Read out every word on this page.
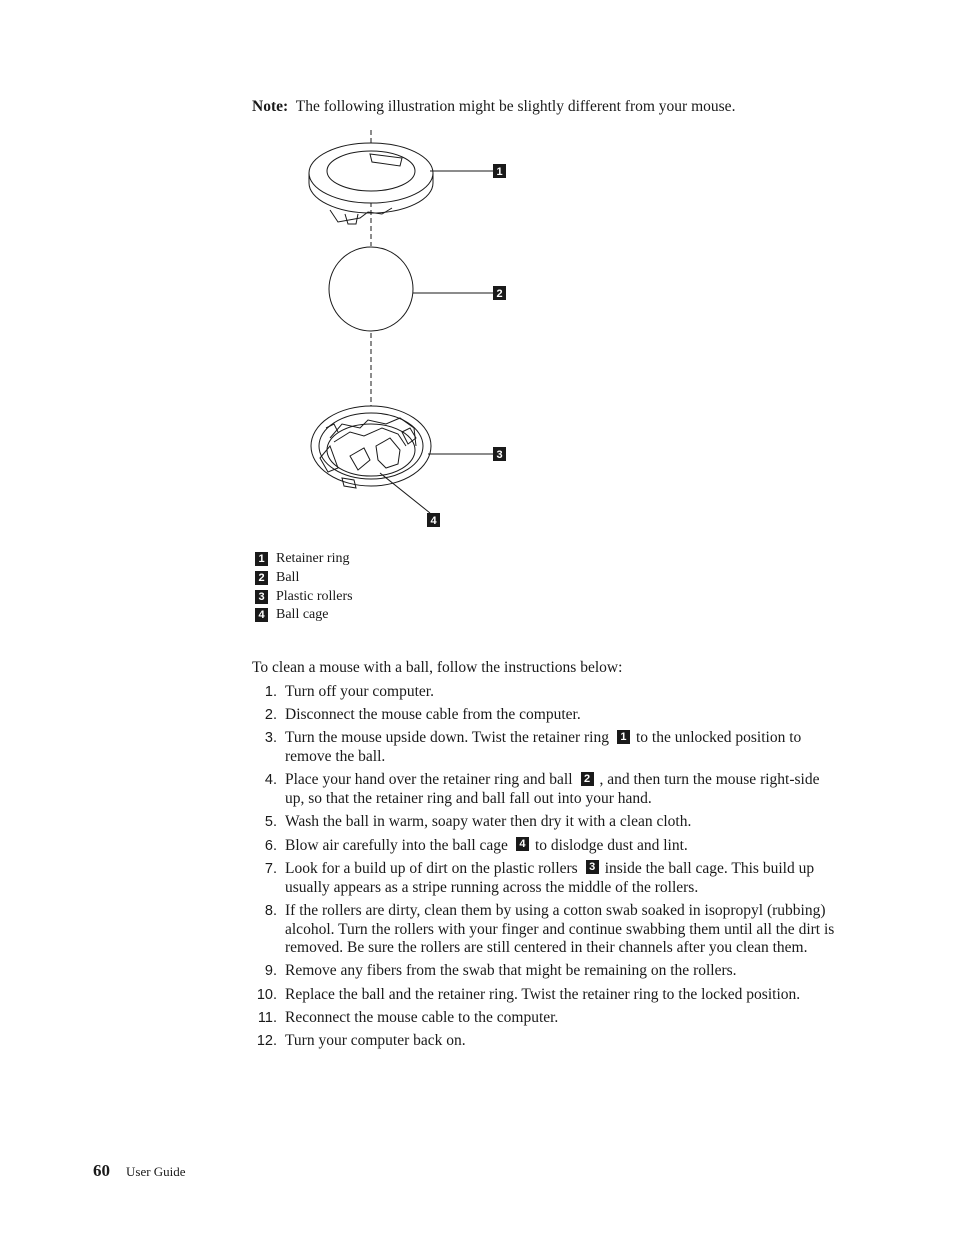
Note: The following illustration might be slightly different from your mouse.
1
2
3
4
1 Retainer ring
2 Ball
3 Plastic rollers
4 Ball cage
To clean a mouse with a ball, follow the instructions below:
1. Turn off your computer.
2. Disconnect the mouse cable from the computer.
3. Turn the mouse upside down. Twist the retainer ring 1 to the unlocked position to remove the ball.
4. Place your hand over the retainer ring and ball 2 , and then turn the mouse right-side up, so that the retainer ring and ball fall out into your hand.
5. Wash the ball in warm, soapy water then dry it with a clean cloth.
6. Blow air carefully into the ball cage 4 to dislodge dust and lint.
7. Look for a build up of dirt on the plastic rollers 3 inside the ball cage. This build up usually appears as a stripe running across the middle of the rollers.
8. If the rollers are dirty, clean them by using a cotton swab soaked in isopropyl (rubbing) alcohol. Turn the rollers with your finger and continue swabbing them until all the dirt is removed. Be sure the rollers are still centered in their channels after you clean them.
9. Remove any fibers from the swab that might be remaining on the rollers.
10. Replace the ball and the retainer ring. Twist the retainer ring to the locked position.
11. Reconnect the mouse cable to the computer.
12. Turn your computer back on.
60 User Guide
